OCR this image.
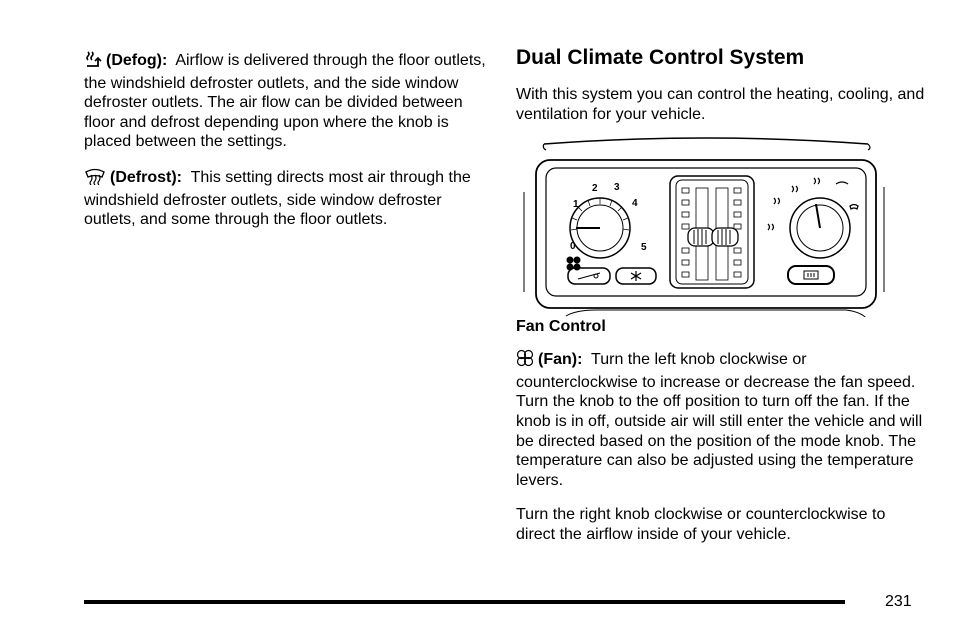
(Defog): Airflow is delivered through the floor outlets, the windshield defroster outlets, and the side window defroster outlets. The air flow can be divided between floor and defrost depending upon where the knob is placed between the settings.

(Defrost): This setting directs most air through the windshield defroster outlets, side window defroster outlets, and some through the floor outlets.

Dual Climate Control System

With this system you can control the heating, cooling, and ventilation for your vehicle.

0
1
2 3
4
5
Fan Control

(Fan): Turn the left knob clockwise or counterclockwise to increase or decrease the fan speed. Turn the knob to the off position to turn off the fan. If the knob is in off, outside air will still enter the vehicle and will be directed based on the position of the mode knob. The temperature can also be adjusted using the temperature levers.

Turn the right knob clockwise or counterclockwise to direct the airflow inside of your vehicle.

231
